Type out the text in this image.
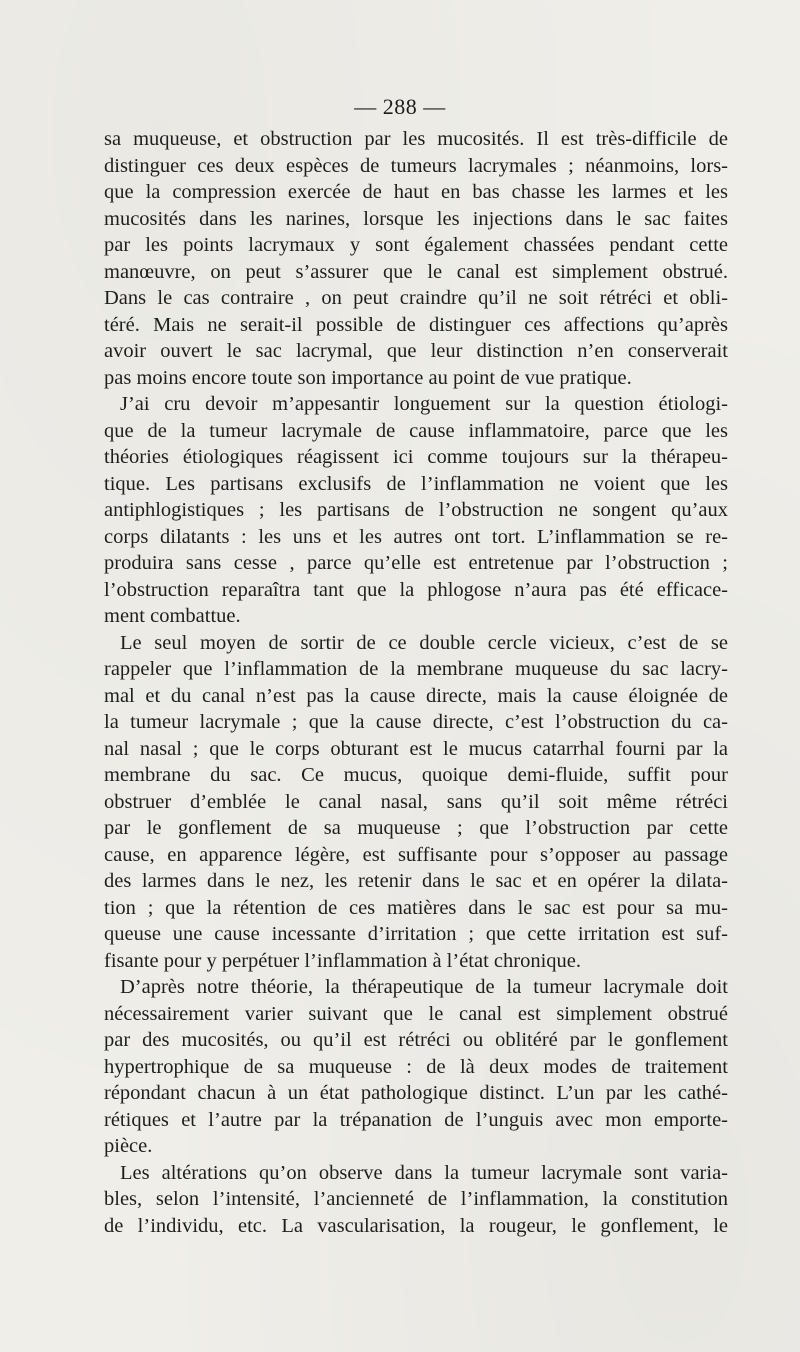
— 288 —
sa muqueuse, et obstruction par les mucosités. Il est très-difficile de
distinguer ces deux espèces de tumeurs lacrymales ; néanmoins, lors-
que la compression exercée de haut en bas chasse les larmes et les
mucosités dans les narines, lorsque les injections dans le sac faites
par les points lacrymaux y sont également chassées pendant cette
manœuvre, on peut s’assurer que le canal est simplement obstrué.
Dans le cas contraire , on peut craindre qu’il ne soit rétréci et obli-
téré. Mais ne serait-il possible de distinguer ces affections qu’après
avoir ouvert le sac lacrymal, que leur distinction n’en conserverait
pas moins encore toute son importance au point de vue pratique.
J’ai cru devoir m’appesantir longuement sur la question étiologi-
que de la tumeur lacrymale de cause inflammatoire, parce que les
théories étiologiques réagissent ici comme toujours sur la thérapeu-
tique. Les partisans exclusifs de l’inflammation ne voient que les
antiphlogistiques ; les partisans de l’obstruction ne songent qu’aux
corps dilatants : les uns et les autres ont tort. L’inflammation se re-
produira sans cesse , parce qu’elle est entretenue par l’obstruction ;
l’obstruction reparaîtra tant que la phlogose n’aura pas été efficace-
ment combattue.
Le seul moyen de sortir de ce double cercle vicieux, c’est de se
rappeler que l’inflammation de la membrane muqueuse du sac lacry-
mal et du canal n’est pas la cause directe, mais la cause éloignée de
la tumeur lacrymale ; que la cause directe, c’est l’obstruction du ca-
nal nasal ; que le corps obturant est le mucus catarrhal fourni par la
membrane du sac. Ce mucus, quoique demi-fluide, suffit pour
obstruer d’emblée le canal nasal, sans qu’il soit même rétréci
par le gonflement de sa muqueuse ; que l’obstruction par cette
cause, en apparence légère, est suffisante pour s’opposer au passage
des larmes dans le nez, les retenir dans le sac et en opérer la dilata-
tion ; que la rétention de ces matières dans le sac est pour sa mu-
queuse une cause incessante d’irritation ; que cette irritation est suf-
fisante pour y perpétuer l’inflammation à l’état chronique.
D’après notre théorie, la thérapeutique de la tumeur lacrymale doit
nécessairement varier suivant que le canal est simplement obstrué
par des mucosités, ou qu’il est rétréci ou oblitéré par le gonflement
hypertrophique de sa muqueuse : de là deux modes de traitement
répondant chacun à un état pathologique distinct. L’un par les cathé-
rétiques et l’autre par la trépanation de l’unguis avec mon emporte-
pièce.
Les altérations qu’on observe dans la tumeur lacrymale sont varia-
bles, selon l’intensité, l’ancienneté de l’inflammation, la constitution
de l’individu, etc. La vascularisation, la rougeur, le gonflement, le
